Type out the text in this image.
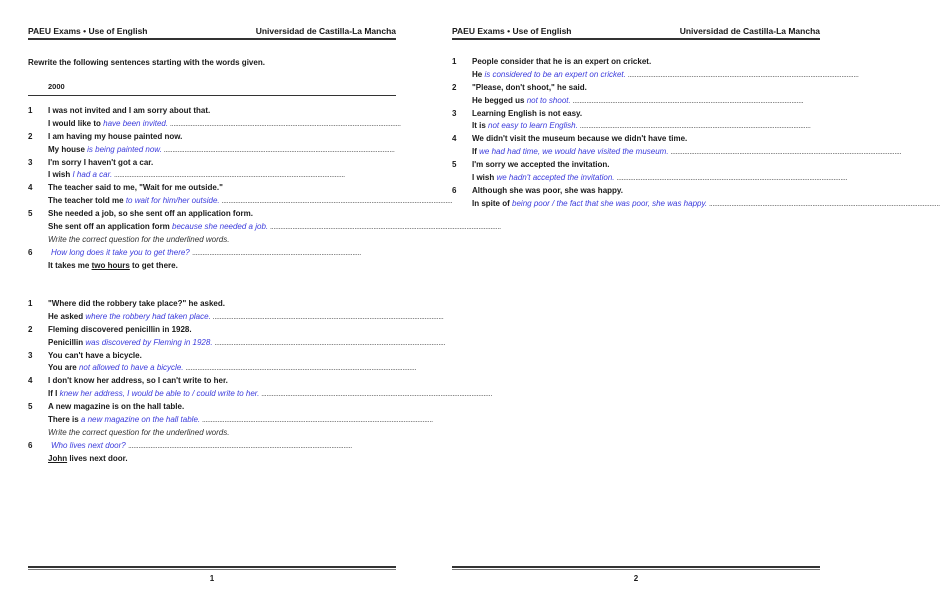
PAEU Exams • Use of English	Universidad de Castilla-La Mancha
Rewrite the following sentences starting with the words given.
2000
1 I was not invited and I am sorry about that.
I would like to have been invited. ......................................................................................................................................
2 I am having my house painted now.
My house is being painted now. ......................................................................................................................................
3 I'm sorry I haven't got a car.
I wish I had a car. ......................................................................................................................................
4 The teacher said to me, "Wait for me outside."
The teacher told me to wait for him/her outside. ......................................................................................................................................
5 She needed a job, so she sent off an application form.
She sent off an application form because she needed a job. ......................................................................................................................................
Write the correct question for the underlined words.
6 How long does it take you to get there? ..................................................................................................
It takes me two hours to get there.
1 "Where did the robbery take place?" he asked.
He asked where the robbery had taken place. ......................................................................................................................................
2 Fleming discovered penicillin in 1928.
Penicillin was discovered by Fleming in 1928. ......................................................................................................................................
3 You can't have a bicycle.
You are not allowed to have a bicycle. ......................................................................................................................................
4 I don't know her address, so I can't write to her.
If I knew her address, I would be able to / could write to her. ......................................................................................................................................
5 A new magazine is on the hall table.
There is a new magazine on the hall table. ......................................................................................................................................
Write the correct question for the underlined words.
6 Who lives next door? ..................................................................................................................................
John lives next door.
1
PAEU Exams • Use of English	Universidad de Castilla-La Mancha
1 People consider that he is an expert on cricket.
He is considered to be an expert on cricket. ......................................................................................................................................
2 "Please, don't shoot," he said.
He begged us not to shoot. ......................................................................................................................................
3 Learning English is not easy.
It is not easy to learn English. ......................................................................................................................................
4 We didn't visit the museum because we didn't have time.
If we had had time, we would have visited the museum. ......................................................................................................................................
5 I'm sorry we accepted the invitation.
I wish we hadn't accepted the invitation. ......................................................................................................................................
6 Although she was poor, she was happy.
In spite of being poor / the fact that she was poor, she was happy. ......................................................................................................................................
2
